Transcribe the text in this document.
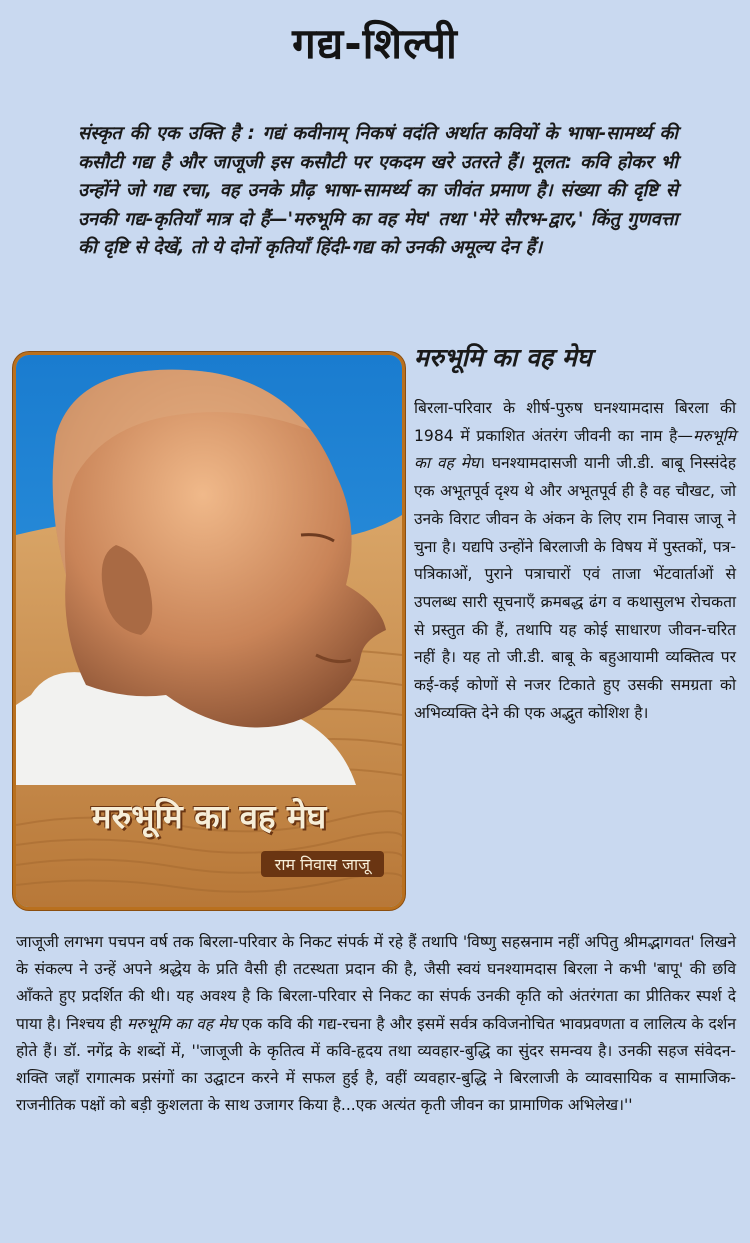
गद्य-शिल्पी
संस्कृत की एक उक्ति है : गद्यं कवीनाम् निकषं वदंति अर्थात कवियों के भाषा-सामर्थ्य की कसौटी गद्य है और जाजूजी इस कसौटी पर एकदम खरे उतरते हैं। मूलत: कवि होकर भी उन्होंने जो गद्य रचा, वह उनके प्रौढ़ भाषा-सामर्थ्य का जीवंत प्रमाण है। संख्या की दृष्टि से उनकी गद्य-कृतियाँ मात्र दो हैं—'मरुभूमि का वह मेघ' तथा 'मेरे सौरभ-द्वार,' किंतु गुणवत्ता की दृष्टि से देखें, तो ये दोनों कृतियाँ हिंदी-गद्य को उनकी अमूल्य देन हैं।
मरुभूमि का वह मेघ
राम निवास जाजू
मरुभूमि का वह मेघ
बिरला-परिवार के शीर्ष-पुरुष घनश्यामदास बिरला की 1984 में प्रकाशित अंतरंग जीवनी का नाम है—मरुभूमि का वह मेघ। घनश्यामदासजी यानी जी.डी. बाबू निस्संदेह एक अभूतपूर्व दृश्य थे और अभूतपूर्व ही है वह चौखट, जो उनके विराट जीवन के अंकन के लिए राम निवास जाजू ने चुना है। यद्यपि उन्होंने बिरलाजी के विषय में पुस्तकों, पत्र-पत्रिकाओं, पुराने पत्राचारों एवं ताजा भेंटवार्ताओं से उपलब्ध सारी सूचनाएँ क्रमबद्ध ढंग व कथासुलभ रोचकता से प्रस्तुत की हैं, तथापि यह कोई साधारण जीवन-चरित नहीं है। यह तो जी.डी. बाबू के बहुआयामी व्यक्तित्व पर कई-कई कोणों से नजर टिकाते हुए उसकी समग्रता को अभिव्यक्ति देने की एक अद्भुत कोशिश है।
जाजूजी लगभग पचपन वर्ष तक बिरला-परिवार के निकट संपर्क में रहे हैं तथापि 'विष्णु सहस्रनाम नहीं अपितु श्रीमद्भागवत' लिखने के संकल्प ने उन्हें अपने श्रद्धेय के प्रति वैसी ही तटस्थता प्रदान की है, जैसी स्वयं घनश्यामदास बिरला ने कभी 'बापू' की छवि आँकते हुए प्रदर्शित की थी। यह अवश्य है कि बिरला-परिवार से निकट का संपर्क उनकी कृति को अंतरंगता का प्रीतिकर स्पर्श दे पाया है। निश्चय ही मरुभूमि का वह मेघ एक कवि की गद्य-रचना है और इसमें सर्वत्र कविजनोचित भावप्रवणता व लालित्य के दर्शन होते हैं। डॉ. नगेंद्र के शब्दों में, ''जाजूजी के कृतित्व में कवि-हृदय तथा व्यवहार-बुद्धि का सुंदर समन्वय है। उनकी सहज संवेदन-शक्ति जहाँ रागात्मक प्रसंगों का उद्घाटन करने में सफल हुई है, वहीं व्यवहार-बुद्धि ने बिरलाजी के व्यावसायिक व सामाजिक-राजनीतिक पक्षों को बड़ी कुशलता के साथ उजागर किया है...एक अत्यंत कृती जीवन का प्रामाणिक अभिलेख।''
